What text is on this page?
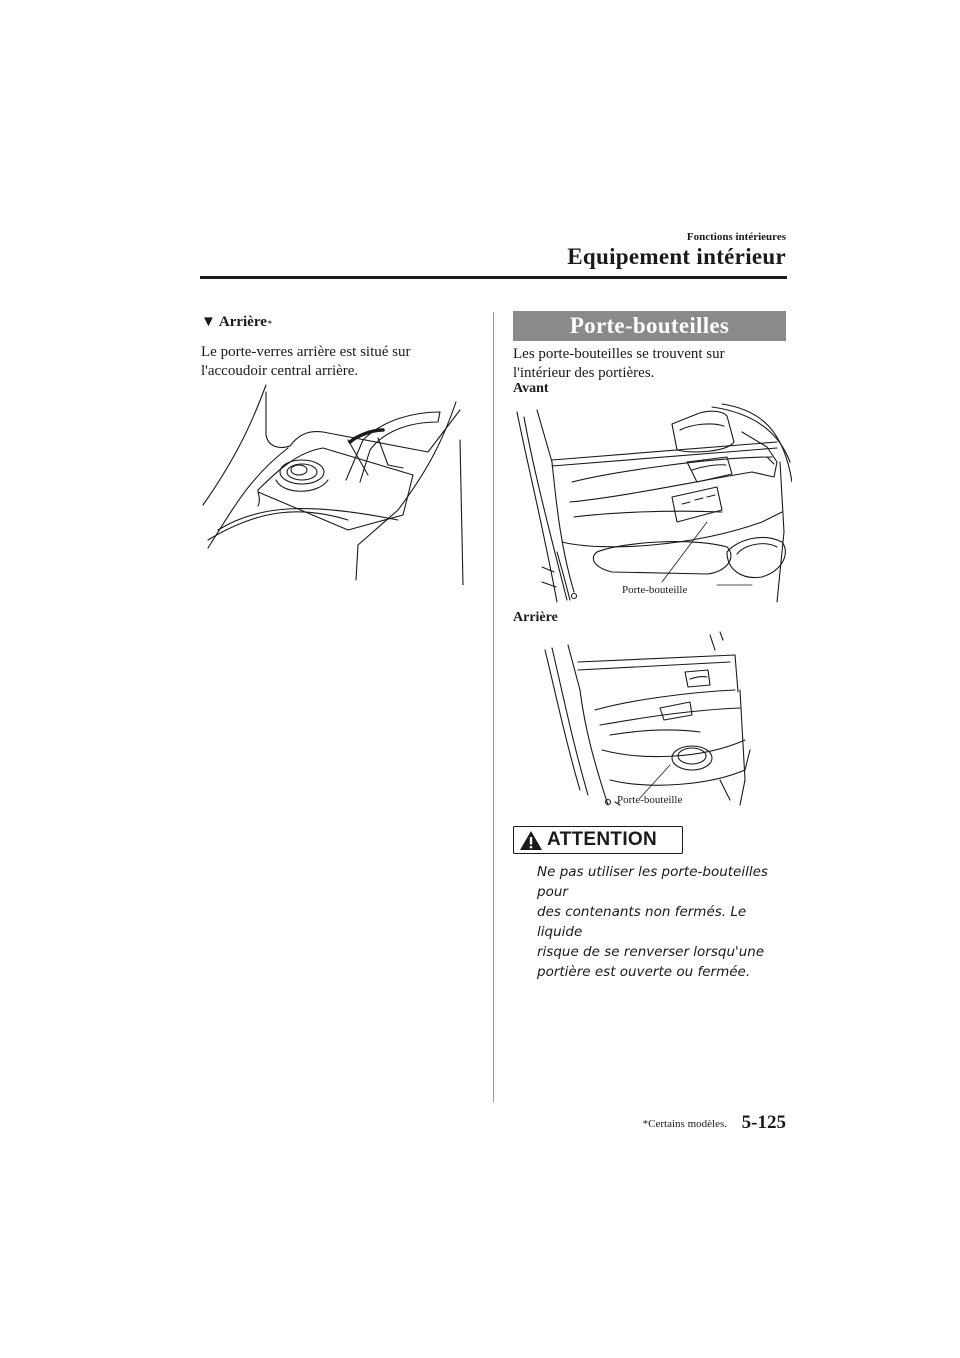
Fonctions intérieures
Equipement intérieur
▼ Arrière *
Le porte-verres arrière est situé sur
l'accoudoir central arrière.
Porte-bouteilles
Les porte-bouteilles se trouvent sur
l'intérieur des portières.
Avant
Porte-bouteille
Arrière
Porte-bouteille
ATTENTION
Ne pas utiliser les porte-bouteilles pour
des contenants non fermés. Le liquide
risque de se renverser lorsqu'une
portière est ouverte ou fermée.
*Certains modèles. 5-125
